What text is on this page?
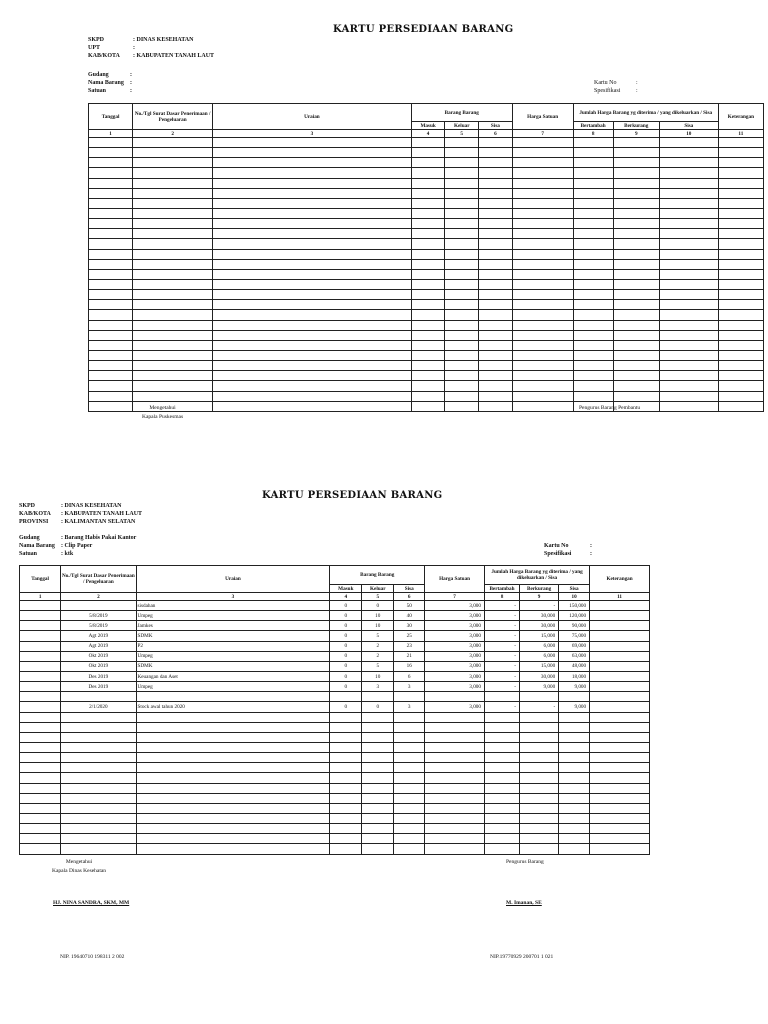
KARTU PERSEDIAAN BARANG
SKPD	: DINAS KESEHATAN
UPT	:
KAB/KOTA	: KABUPATEN TANAH LAUT
Gudang	:
Nama Barang	:
Satuan	:
Kartu No	:
Spesifikasi	:
Tanggal	No./Tgl Surat Dasar Penerimaan / Pengeluaran	Uraian	Barang Barang			Harga Satuan	Jumlah Harga Barang yg diterima / yang dikeluarkan / Sisa			Keterangan
			Masuk	Keluar	Sisa		Bertambah	Berkurang	Sisa	
1	2	3	4	5	6	7	8	9	10	11

Mengetahui
Kapala Puskesmas
Pengurus Barang Pembantu
KARTU PERSEDIAAN BARANG
SKPD	: DINAS KESEHATAN
KAB/KOTA	: KABUPATEN TANAH LAUT
PROVINSI	: KALIMANTAN SELATAN
Gudang	: Barang Habis Pakai Kantor
Nama Barang	: Clip Paper
Satuan	: ktk
Kartu No	:
Spesifikasi	:
Tanggal	No./Tgl Surat Dasar Penerimaan / Pengeluaran	Uraian	Barang Barang			Harga Satuan	Jumlah Harga Barang yg diterima / yang dikeluarkan / Sisa			Keterangan
			Masuk	Keluar	Sisa		Bertambah	Berkurang	Sisa	
1	2	3	4	5	6	7	8	9	10	11
		sisdahan	0	0	50	3,000	-	-	150,000	
	5/8/2019	Umpeg	0	10	40	3,000	-	30,000	120,000	
	5/8/2019	Jamkes	0	10	30	3,000	-	30,000	90,000	
	Agt 2019	SDMK	0	5	25	3,000	-	15,000	75,000	
	Agt 2019	P2	0	2	23	3,000	-	6,000	69,000	
	Okt 2019	Umpeg	0	2	21	3,000	-	6,000	63,000	
	Okt 2019	SDMK	0	5	16	3,000	-	15,000	48,000	
	Des 2019	Keuangan dan Aset	0	10	6	3,000	-	30,000	18,000	
	Des 2019	Umpeg	0	3	3	3,000	-	9,000	9,000	

	2/1/2020	Stock awal tahun 2020	0	0	3	3,000	-	-	9,000	

Mengetahui
Kapala Dinas Kesehatan
Pengurus Barang
HJ. NINA SANDRA, SKM, MM	M. Imanan, SE
NIP. 19640710 198311 2 002	NIP.19770929 200701 1 021
